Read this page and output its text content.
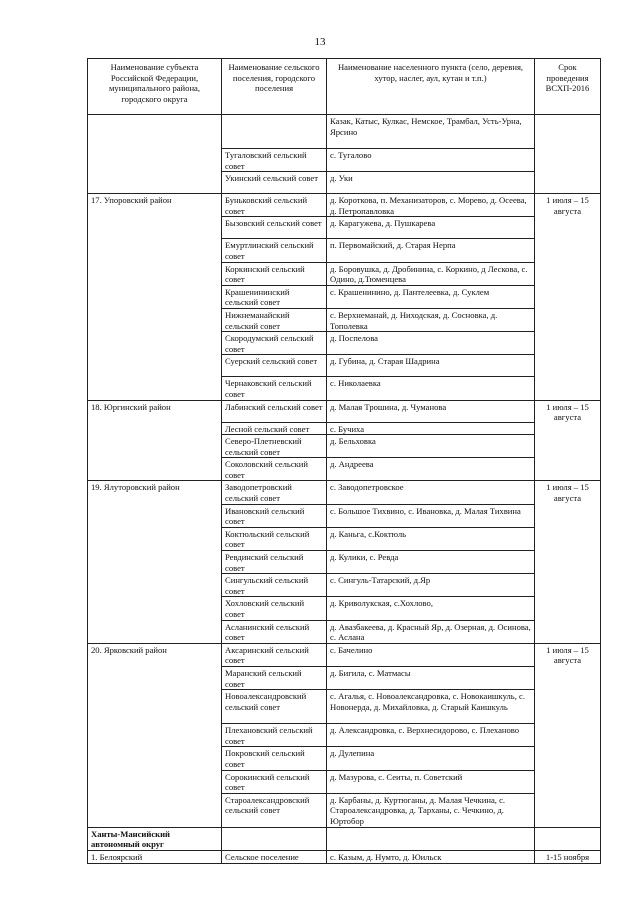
13
Наименование субъекта Российской Федерации, муниципального района, городского округа	Наименование сельского поселения, городского поселения	Наименование населенного пункта (село, деревня, хутор, наслег, аул, кутан и т.п.)	Срок проведения ВСХП-2016
		Казак, Катыс, Кулкас, Немское, Трамбал, Усть-Урна, Ярсино	
	Тугаловский сельский совет	с. Тугалово	
	Укинский сельский совет	д. Уки	
17. Упоровский район	Буньковский сельский совет	д. Короткова, п. Механизаторов, с. Морево, д. Осеева, д. Петропавловка	1 июля – 15 августа
	Бызовский сельский совет	д. Карагужева, д. Пушкарева	
	Емуртлинский сельский совет	п. Первомайский, д. Старая Нерпа	
	Коркинский сельский совет	д. Боровушка, д. Дробинина, с. Коркино, д Лескова, с. Одино, д.Тюменцева	
	Крашенининский сельский совет	с. Крашенинино, д. Пантелеевка, д. Суклем	
	Нижнеманайский сельский совет	с. Верхнеманай, д. Ниходская, д. Сосновка, д. Тополевка	
	Скородумский сельский совет	д. Поспелова	
	Суерский сельский совет	д. Губина, д. Старая Шадрина	
	Чернаковский сельский совет	с. Николаевка	
18. Юргинский район	Лабинский сельский совет	д. Малая Трошина, д. Чуманова	1 июля – 15 августа
	Лесной сельский совет	с. Бучиха	
	Северо-Плетневский сельский совет	д. Бельховка	
	Соколовский сельский совет	д. Андреева	
19. Ялуторовский район	Заводопетровский сельский совет	с. Заводопетровское	1 июля – 15 августа
	Ивановский сельский совет	с. Большое Тихвино, с. Ивановка, д. Малая Тихвина	
	Коктюльский сельский совет	д. Каньга, с.Коктюль	
	Ревдинский сельский совет	д. Кулики, с. Ревда	
	Сингульский сельский совет	с. Сингуль-Татарский, д.Яр	
	Хохловский сельский совет	д. Криволукская, с.Хохлово,	
	Асланинский сельский совет	д. Авазбакеева, д. Красный Яр, д. Озерная, д. Осинова, с. Аслана	
20. Ярковский район	Аксаринский сельский совет	с. Бачелино	1 июля – 15 августа
	Маранский сельский совет	д. Бигила, с. Матмасы	
	Новоалександровский сельский совет	с. Агалья, с. Новоалександровка, с. Новокаишкуль, с. Новонерда, д. Михайловка, д. Старый Каишкуль	
	Плехановский сельский совет	д. Александровка, с. Верхнесидорово, с. Плеханово	
	Покровский сельский совет	д. Дулепина	
	Сорокинский сельский совет	д. Мазурова, с. Сеиты, п. Советский	
	Староалександровский сельский совет	д. Карбаны, д. Куртюганы, д. Малая Чечкина, с. Староалександровка, д. Тарханы, с. Чечкино, д. Юртобор	
Ханты-Мансийский автономный округ			
1. Белоярский	Сельское поселение	с. Казым, д. Нумто, д. Юильск	1-15 ноября
